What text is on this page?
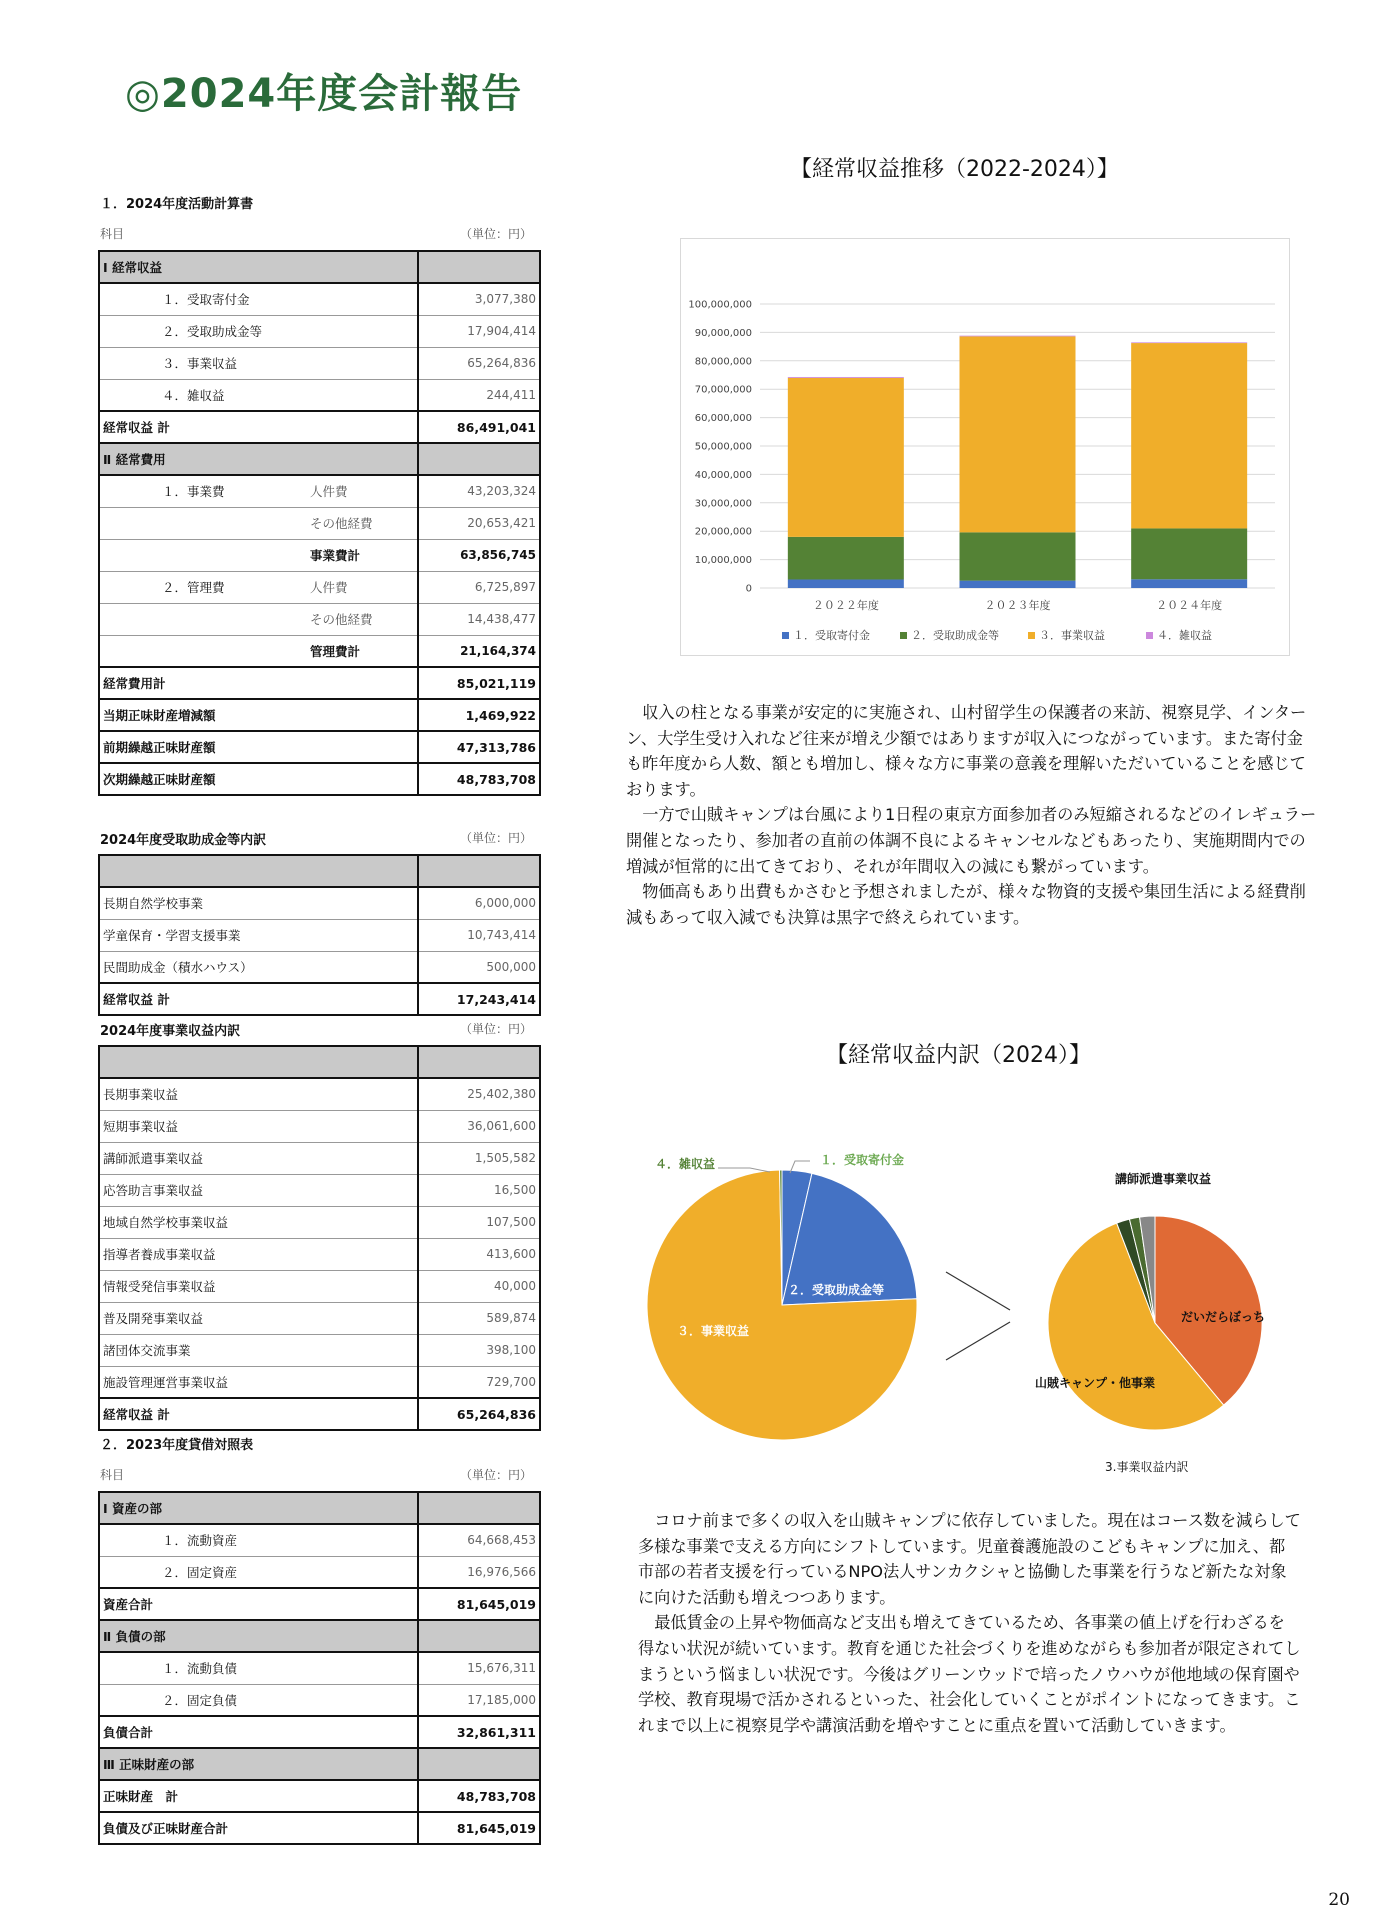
◎2024年度会計報告
１．2024年度活動計算書
科目	（単位：円）
Ⅰ 経常収益	
１．受取寄付金	3,077,380
２．受取助成金等	17,904,414
３．事業収益	65,264,836
４．雑収益	244,411
経常収益 計	86,491,041
Ⅱ 経常費用	
１．事業費 人件費	43,203,324
その他経費	20,653,421
事業費計	63,856,745
２．管理費 人件費	6,725,897
その他経費	14,438,477
管理費計	21,164,374
経常費用計	85,021,119
当期正味財産増減額	1,469,922
前期繰越正味財産額	47,313,786
次期繰越正味財産額	48,783,708
2024年度受取助成金等内訳	（単位：円）

長期自然学校事業	6,000,000
学童保育・学習支援事業	10,743,414
民間助成金（積水ハウス）	500,000
経常収益 計	17,243,414
2024年度事業収益内訳	（単位：円）

長期事業収益	25,402,380
短期事業収益	36,061,600
講師派遣事業収益	1,505,582
応答助言事業収益	16,500
地域自然学校事業収益	107,500
指導者養成事業収益	413,600
情報受発信事業収益	40,000
普及開発事業収益	589,874
諸団体交流事業	398,100
施設管理運営事業収益	729,700
経常収益 計	65,264,836
２．2023年度貸借対照表
科目	（単位：円）
Ⅰ 資産の部	
１．流動資産	64,668,453
２．固定資産	16,976,566
資産合計	81,645,019
Ⅱ 負債の部	
１．流動負債	15,676,311
２．固定負債	17,185,000
負債合計	32,861,311
Ⅲ 正味財産の部	
正味財産　計	48,783,708
負債及び正味財産合計	81,645,019
【経常収益推移（2022-2024）】
0
10,000,000
20,000,000
30,000,000
40,000,000
50,000,000
60,000,000
70,000,000
80,000,000
90,000,000
100,000,000
２０２２年度	２０２３年度	２０２４年度
１．受取寄付金	２．受取助成金等	３．事業収益	４．雑収益

収入の柱となる事業が安定的に実施され、山村留学生の保護者の来訪、視察見学、インターン、大学生受け入れなど往来が増え少額ではありますが収入につながっています。また寄付金も昨年度から人数、額とも増加し、様々な方に事業の意義を理解いただいていることを感じております。

一方で山賊キャンプは台風により1日程の東京方面参加者のみ短縮されるなどのイレギュラー開催となったり、参加者の直前の体調不良によるキャンセルなどもあったり、実施期間内での増減が恒常的に出てきており、それが年間収入の減にも繋がっています。

物価高もあり出費もかさむと予想されましたが、様々な物資的支援や集団生活による経費削減もあって収入減でも決算は黒字で終えられています。

【経常収益内訳（2024）】
１．受取寄付金
４．雑収益
２．受取助成金等
３．事業収益
だいだらぼっち
山賊キャンプ・他事業
講師派遣事業収益
3.事業収益内訳

コロナ前まで多くの収入を山賊キャンプに依存していました。現在はコース数を減らして多様な事業で支える方向にシフトしています。児童養護施設のこどもキャンプに加え、都市部の若者支援を行っているNPO法人サンカクシャと協働した事業を行うなど新たな対象に向けた活動も増えつつあります。

最低賃金の上昇や物価高など支出も増えてきているため、各事業の値上げを行わざるを得ない状況が続いています。教育を通じた社会づくりを進めながらも参加者が限定されてしまうという悩ましい状況です。今後はグリーンウッドで培ったノウハウが他地域の保育園や学校、教育現場で活かされるといった、社会化していくことがポイントになってきます。これまで以上に視察見学や講演活動を増やすことに重点を置いて活動していきます。

20
